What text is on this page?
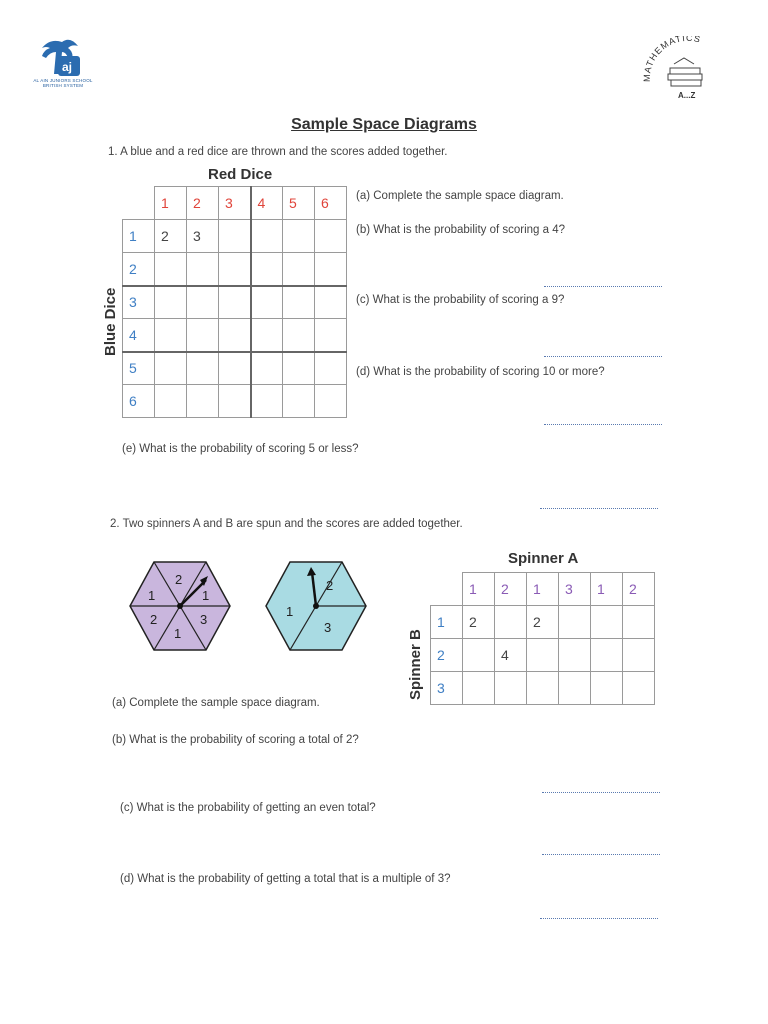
aj
AL AIN JUNIORS SCHOOL
BRITISH SYSTEM
MATHEMATICS
A...Z
Sample Space Diagrams
1. A blue and a red dice are thrown and the scores added together.
Red Dice
Blue Dice
	1	2	3	4	5	6
1	2	3				
2						
3						
4						
5						
6						
(a) Complete the sample space diagram.
(b) What is the probability of scoring a 4?
(c) What is the probability of scoring a 9?
(d) What is the probability of scoring 10 or more?
(e) What is the probability of scoring 5 or less?
2. Two spinners A and B are spun and the scores are added together.
2
1
1
3
1
2
2
1
3
Spinner A
Spinner B
	1	2	1	3	1	2
1	2		2			
2		4				
3						
(a) Complete the sample space diagram.
(b) What is the probability of scoring a total of 2?
(c) What is the probability of getting an even total?
(d) What is the probability of getting a total that is a multiple of 3?
